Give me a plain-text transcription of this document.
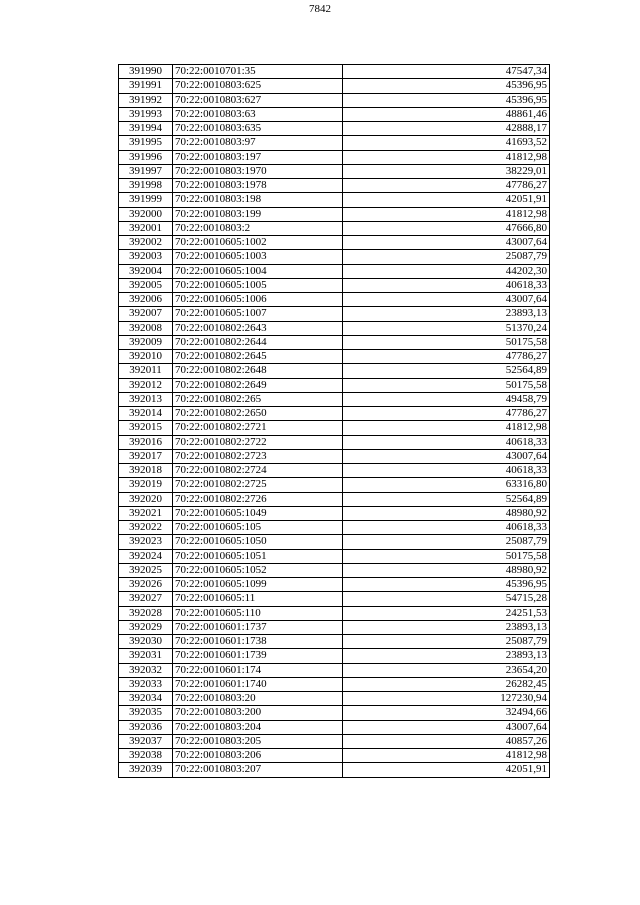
7842
391990	70:22:0010701:35	47547,34
391991	70:22:0010803:625	45396,95
391992	70:22:0010803:627	45396,95
391993	70:22:0010803:63	48861,46
391994	70:22:0010803:635	42888,17
391995	70:22:0010803:97	41693,52
391996	70:22:0010803:197	41812,98
391997	70:22:0010803:1970	38229,01
391998	70:22:0010803:1978	47786,27
391999	70:22:0010803:198	42051,91
392000	70:22:0010803:199	41812,98
392001	70:22:0010803:2	47666,80
392002	70:22:0010605:1002	43007,64
392003	70:22:0010605:1003	25087,79
392004	70:22:0010605:1004	44202,30
392005	70:22:0010605:1005	40618,33
392006	70:22:0010605:1006	43007,64
392007	70:22:0010605:1007	23893,13
392008	70:22:0010802:2643	51370,24
392009	70:22:0010802:2644	50175,58
392010	70:22:0010802:2645	47786,27
392011	70:22:0010802:2648	52564,89
392012	70:22:0010802:2649	50175,58
392013	70:22:0010802:265	49458,79
392014	70:22:0010802:2650	47786,27
392015	70:22:0010802:2721	41812,98
392016	70:22:0010802:2722	40618,33
392017	70:22:0010802:2723	43007,64
392018	70:22:0010802:2724	40618,33
392019	70:22:0010802:2725	63316,80
392020	70:22:0010802:2726	52564,89
392021	70:22:0010605:1049	48980,92
392022	70:22:0010605:105	40618,33
392023	70:22:0010605:1050	25087,79
392024	70:22:0010605:1051	50175,58
392025	70:22:0010605:1052	48980,92
392026	70:22:0010605:1099	45396,95
392027	70:22:0010605:11	54715,28
392028	70:22:0010605:110	24251,53
392029	70:22:0010601:1737	23893,13
392030	70:22:0010601:1738	25087,79
392031	70:22:0010601:1739	23893,13
392032	70:22:0010601:174	23654,20
392033	70:22:0010601:1740	26282,45
392034	70:22:0010803:20	127230,94
392035	70:22:0010803:200	32494,66
392036	70:22:0010803:204	43007,64
392037	70:22:0010803:205	40857,26
392038	70:22:0010803:206	41812,98
392039	70:22:0010803:207	42051,91
